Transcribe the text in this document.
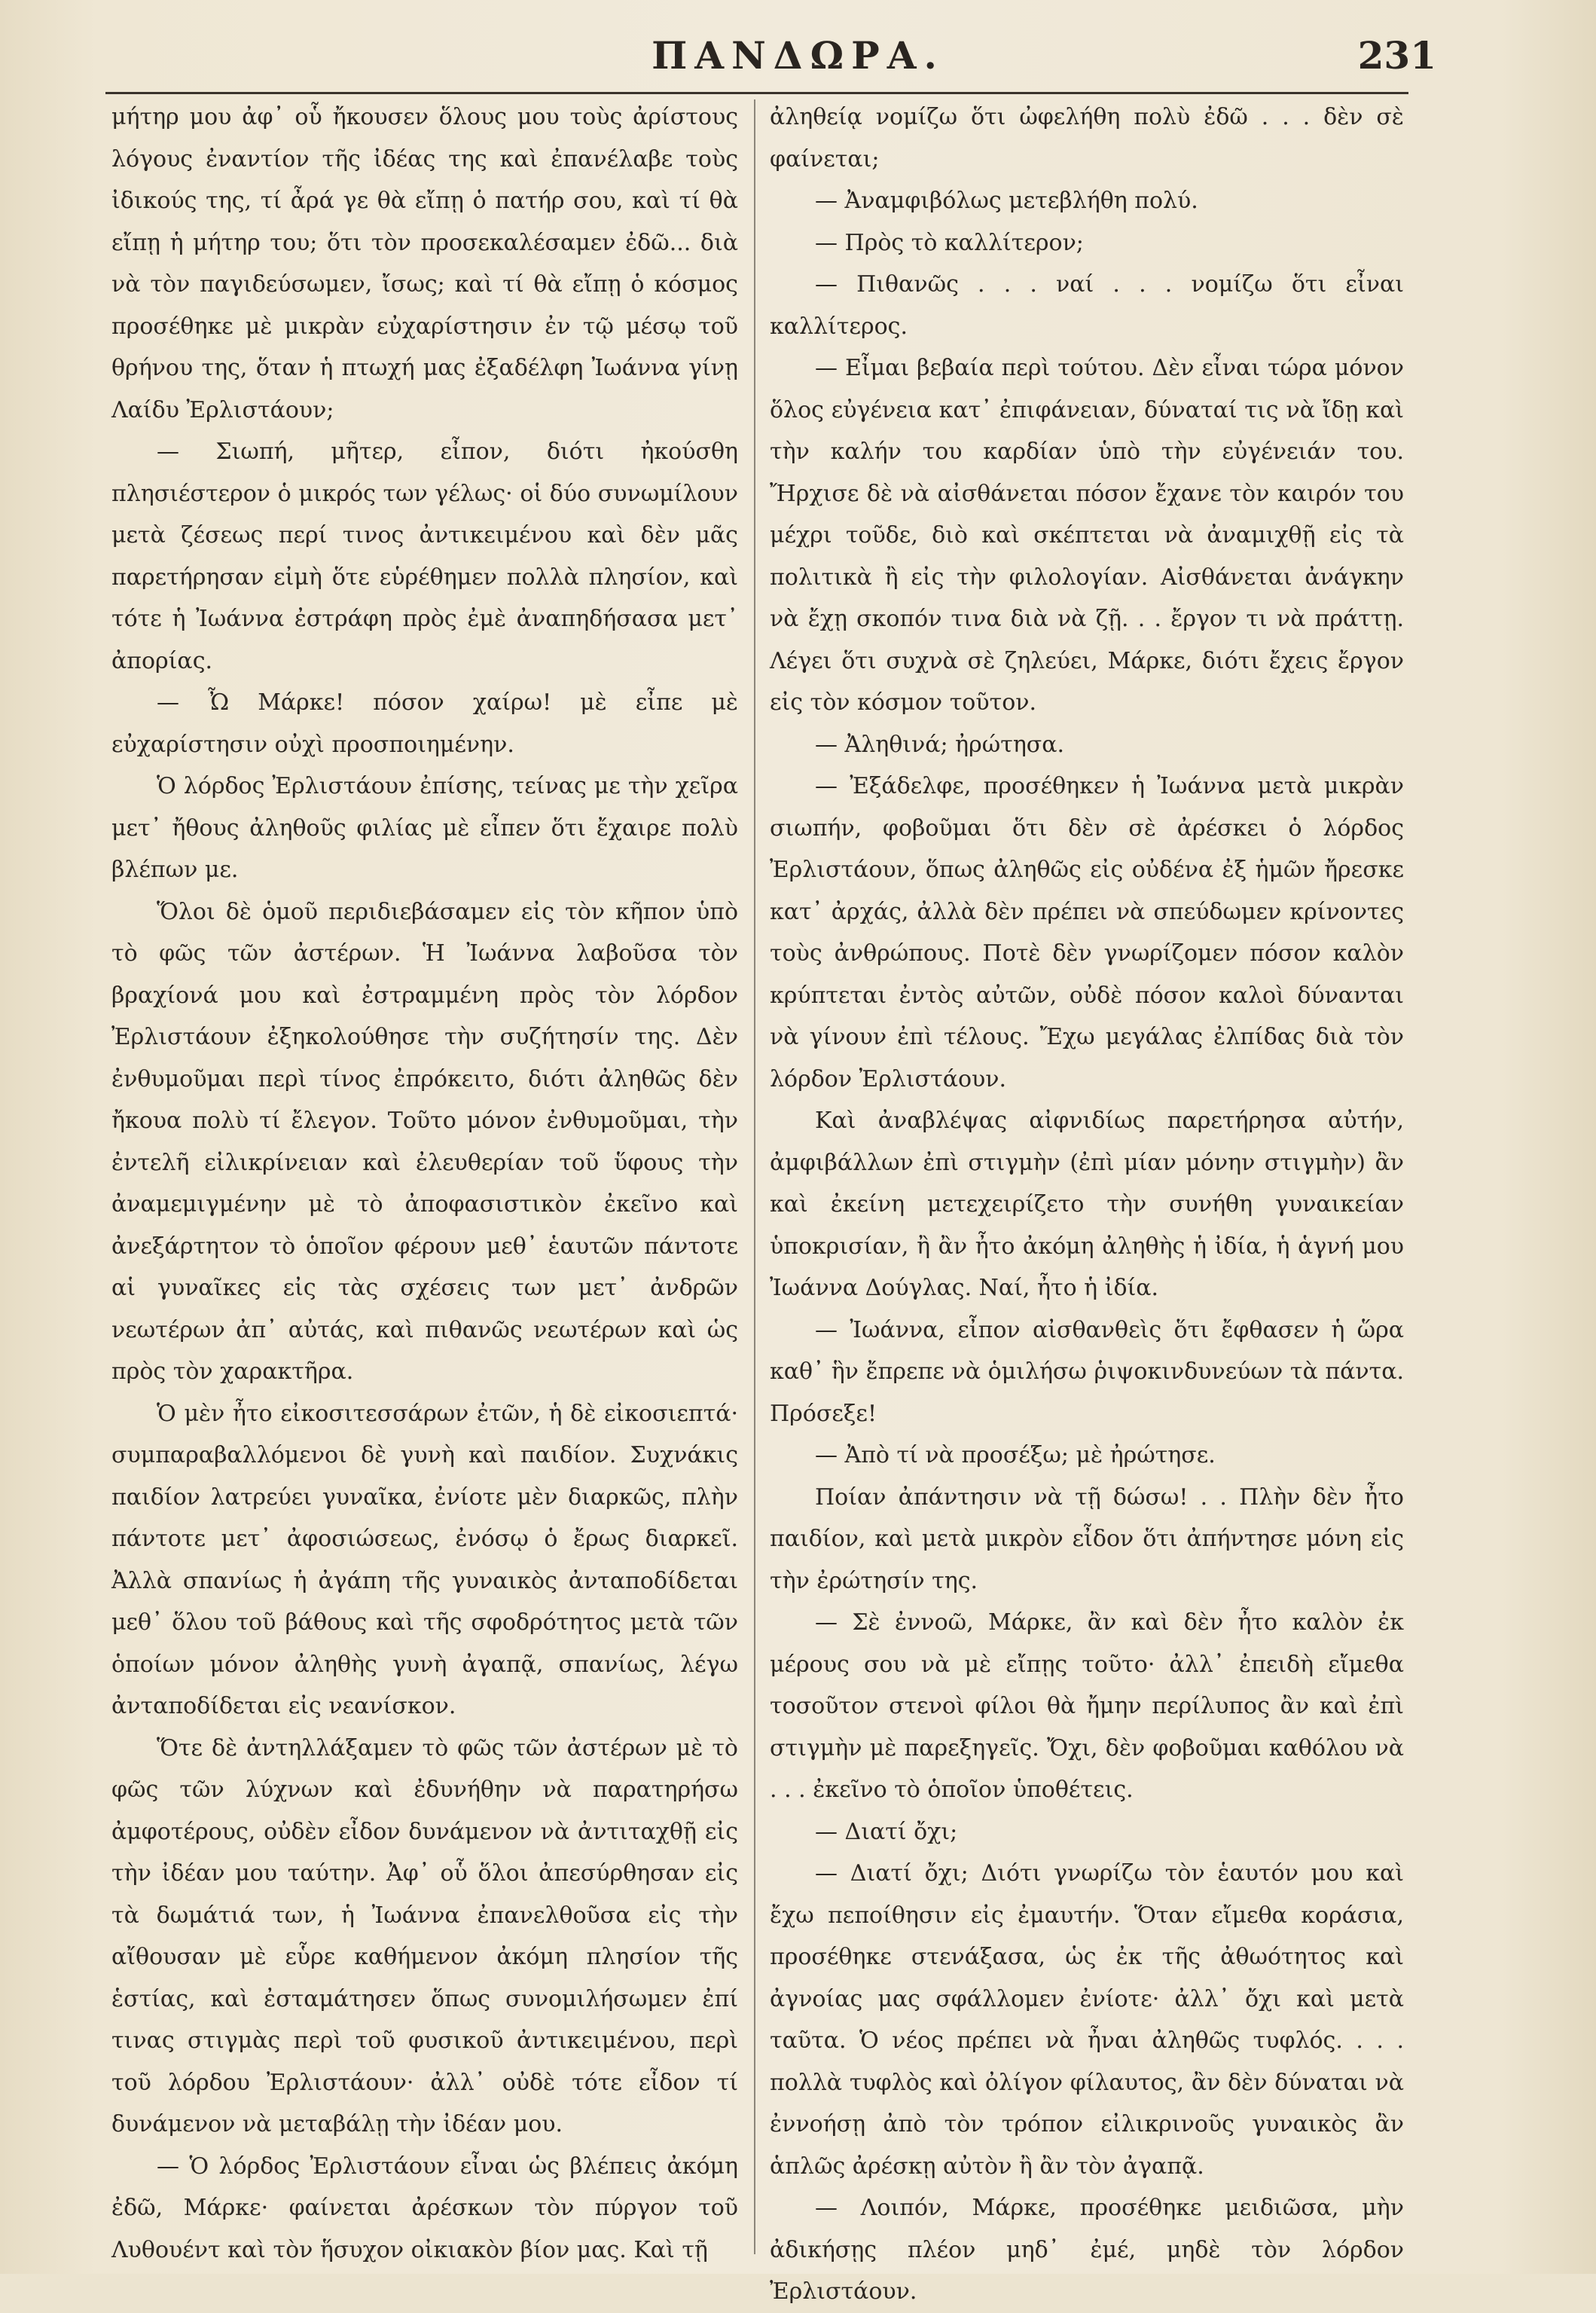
ΠΑΝΔΩΡΑ.	231

μήτηρ μου ἀφ᾽ οὗ ἤκουσεν ὅλους μου τοὺς ἀρίστους λόγους ἐναντίον τῆς ἰδέας της καὶ ἐπανέλαβε τοὺς ἰδικούς της, τί ἆρά γε θὰ εἴπῃ ὁ πατήρ σου, καὶ τί θὰ εἴπῃ ἡ μήτηρ του; ὅτι τὸν προσεκαλέσαμεν ἐδῶ... διὰ νὰ τὸν παγιδεύσωμεν, ἴσως; καὶ τί θὰ εἴπῃ ὁ κόσμος προσέθηκε μὲ μικρὰν εὐχαρίστησιν ἐν τῷ μέσῳ τοῦ θρήνου της, ὅταν ἡ πτωχή μας ἐξαδέλφη Ἰωάννα γίνῃ Λαίδυ Ἐρλιστάουν;

— Σιωπή, μῆτερ, εἶπον, διότι ἠκούσθη πλησιέστερον ὁ μικρός των γέλως· οἱ δύο συνωμίλουν μετὰ ζέσεως περί τινος ἀντικειμένου καὶ δὲν μᾶς παρετήρησαν εἰμὴ ὅτε εὑρέθημεν πολλὰ πλησίον, καὶ τότε ἡ Ἰωάννα ἐστράφη πρὸς ἐμὲ ἀναπηδήσασα μετ᾽ ἀπορίας.

— Ὦ Μάρκε! πόσον χαίρω! μὲ εἶπε μὲ εὐχαρίστησιν οὐχὶ προσποιημένην.

Ὁ λόρδος Ἐρλιστάουν ἐπίσης, τείνας με τὴν χεῖρα μετ᾽ ἤθους ἀληθοῦς φιλίας μὲ εἶπεν ὅτι ἔχαιρε πολὺ βλέπων με.

Ὅλοι δὲ ὁμοῦ περιδιεβάσαμεν εἰς τὸν κῆπον ὑπὸ τὸ φῶς τῶν ἀστέρων. Ἡ Ἰωάννα λαβοῦσα τὸν βραχίονά μου καὶ ἐστραμμένη πρὸς τὸν λόρδον Ἐρλιστάουν ἐξηκολούθησε τὴν συζήτησίν της. Δὲν ἐνθυμοῦμαι περὶ τίνος ἐπρόκειτο, διότι ἀληθῶς δὲν ἤκουα πολὺ τί ἔλεγον. Τοῦτο μόνον ἐνθυμοῦμαι, τὴν ἐντελῆ εἰλικρίνειαν καὶ ἐλευθερίαν τοῦ ὕφους τὴν ἀναμεμιγμένην μὲ τὸ ἀποφασιστικὸν ἐκεῖνο καὶ ἀνεξάρτητον τὸ ὁποῖον φέρουν μεθ᾽ ἑαυτῶν πάντοτε αἱ γυναῖκες εἰς τὰς σχέσεις των μετ᾽ ἀνδρῶν νεωτέρων ἀπ᾽ αὐτάς, καὶ πιθανῶς νεωτέρων καὶ ὡς πρὸς τὸν χαρακτῆρα.

Ὁ μὲν ἦτο εἰκοσιτεσσάρων ἐτῶν, ἡ δὲ εἰκοσιεπτά· συμπαραβαλλόμενοι δὲ γυνὴ καὶ παιδίον. Συχνάκις παιδίον λατρεύει γυναῖκα, ἐνίοτε μὲν διαρκῶς, πλὴν πάντοτε μετ᾽ ἀφοσιώσεως, ἐνόσῳ ὁ ἔρως διαρκεῖ. Ἀλλὰ σπανίως ἡ ἀγάπη τῆς γυναικὸς ἀνταποδίδεται μεθ᾽ ὅλου τοῦ βάθους καὶ τῆς σφοδρότητος μετὰ τῶν ὁποίων μόνον ἀληθὴς γυνὴ ἀγαπᾷ, σπανίως, λέγω ἀνταποδίδεται εἰς νεανίσκον.

Ὅτε δὲ ἀντηλλάξαμεν τὸ φῶς τῶν ἀστέρων μὲ τὸ φῶς τῶν λύχνων καὶ ἐδυνήθην νὰ παρατηρήσω ἀμφοτέρους, οὐδὲν εἶδον δυνάμενον νὰ ἀντιταχθῇ εἰς τὴν ἰδέαν μου ταύτην. Ἀφ᾽ οὗ ὅλοι ἀπεσύρθησαν εἰς τὰ δωμάτιά των, ἡ Ἰωάννα ἐπανελθοῦσα εἰς τὴν αἴθουσαν μὲ εὗρε καθήμενον ἀκόμη πλησίον τῆς ἑστίας, καὶ ἐσταμάτησεν ὅπως συνομιλήσωμεν ἐπί τινας στιγμὰς περὶ τοῦ φυσικοῦ ἀντικειμένου, περὶ τοῦ λόρδου Ἐρλιστάουν· ἀλλ᾽ οὐδὲ τότε εἶδον τί δυνάμενον νὰ μεταβάλῃ τὴν ἰδέαν μου.

— Ὁ λόρδος Ἐρλιστάουν εἶναι ὡς βλέπεις ἀκόμη ἐδῶ, Μάρκε· φαίνεται ἀρέσκων τὸν πύργον τοῦ Λυθουέντ καὶ τὸν ἥσυχον οἰκιακὸν βίον μας. Καὶ τῇ

ἀληθείᾳ νομίζω ὅτι ὠφελήθη πολὺ ἐδῶ . . . δὲν σὲ φαίνεται;

— Ἀναμφιβόλως μετεβλήθη πολύ.

— Πρὸς τὸ καλλίτερον;

— Πιθανῶς . . . ναί . . . νομίζω ὅτι εἶναι καλλίτερος.

— Εἶμαι βεβαία περὶ τούτου. Δὲν εἶναι τώρα μόνον ὅλος εὐγένεια κατ᾽ ἐπιφάνειαν, δύναταί τις νὰ ἴδῃ καὶ τὴν καλήν του καρδίαν ὑπὸ τὴν εὐγένειάν του. Ἤρχισε δὲ νὰ αἰσθάνεται πόσον ἔχανε τὸν καιρόν του μέχρι τοῦδε, διὸ καὶ σκέπτεται νὰ ἀναμιχθῇ εἰς τὰ πολιτικὰ ἢ εἰς τὴν φιλολογίαν. Αἰσθάνεται ἀνάγκην νὰ ἔχῃ σκοπόν τινα διὰ νὰ ζῇ. . . ἔργον τι νὰ πράττῃ. Λέγει ὅτι συχνὰ σὲ ζηλεύει, Μάρκε, διότι ἔχεις ἔργον εἰς τὸν κόσμον τοῦτον.

— Ἀληθινά; ἠρώτησα.

— Ἐξάδελφε, προσέθηκεν ἡ Ἰωάννα μετὰ μικρὰν σιωπήν, φοβοῦμαι ὅτι δὲν σὲ ἀρέσκει ὁ λόρδος Ἐρλιστάουν, ὅπως ἀληθῶς εἰς οὐδένα ἐξ ἡμῶν ἤρεσκε κατ᾽ ἀρχάς, ἀλλὰ δὲν πρέπει νὰ σπεύδωμεν κρίνοντες τοὺς ἀνθρώπους. Ποτὲ δὲν γνωρίζομεν πόσον καλὸν κρύπτεται ἐντὸς αὐτῶν, οὐδὲ πόσον καλοὶ δύνανται νὰ γίνουν ἐπὶ τέλους. Ἔχω μεγάλας ἐλπίδας διὰ τὸν λόρδον Ἐρλιστάουν.

Καὶ ἀναβλέψας αἰφνιδίως παρετήρησα αὐτήν, ἀμφιβάλλων ἐπὶ στιγμὴν (ἐπὶ μίαν μόνην στιγμὴν) ἂν καὶ ἐκείνη μετεχειρίζετο τὴν συνήθη γυναικείαν ὑποκρισίαν, ἢ ἂν ἦτο ἀκόμη ἀληθὴς ἡ ἰδία, ἡ ἁγνή μου Ἰωάννα Δούγλας. Ναί, ἦτο ἡ ἰδία.

— Ἰωάννα, εἶπον αἰσθανθεὶς ὅτι ἔφθασεν ἡ ὥρα καθ᾽ ἣν ἔπρεπε νὰ ὁμιλήσω ῥιψοκινδυνεύων τὰ πάντα. Πρόσεξε!

— Ἀπὸ τί νὰ προσέξω; μὲ ἠρώτησε.

Ποίαν ἀπάντησιν νὰ τῇ δώσω! . . Πλὴν δὲν ἦτο παιδίον, καὶ μετὰ μικρὸν εἶδον ὅτι ἀπήντησε μόνη εἰς τὴν ἐρώτησίν της.

— Σὲ ἐννοῶ, Μάρκε, ἂν καὶ δὲν ἦτο καλὸν ἐκ μέρους σου νὰ μὲ εἴπῃς τοῦτο· ἀλλ᾽ ἐπειδὴ εἴμεθα τοσοῦτον στενοὶ φίλοι θὰ ἤμην περίλυπος ἂν καὶ ἐπὶ στιγμὴν μὲ παρεξηγεῖς. Ὄχι, δὲν φοβοῦμαι καθόλου νὰ . . . ἐκεῖνο τὸ ὁποῖον ὑποθέτεις.

— Διατί ὄχι;

— Διατί ὄχι; Διότι γνωρίζω τὸν ἑαυτόν μου καὶ ἔχω πεποίθησιν εἰς ἐμαυτήν. Ὅταν εἴμεθα κοράσια, προσέθηκε στενάξασα, ὡς ἐκ τῆς ἀθωότητος καὶ ἀγνοίας μας σφάλλομεν ἐνίοτε· ἀλλ᾽ ὄχι καὶ μετὰ ταῦτα. Ὁ νέος πρέπει νὰ ἦναι ἀληθῶς τυφλός. . . . πολλὰ τυφλὸς καὶ ὀλίγον φίλαυτος, ἂν δὲν δύναται νὰ ἐννοήσῃ ἀπὸ τὸν τρόπον εἰλικρινοῦς γυναικὸς ἂν ἁπλῶς ἀρέσκῃ αὐτὸν ἢ ἂν τὸν ἀγαπᾷ.

— Λοιπόν, Μάρκε, προσέθηκε μειδιῶσα, μὴν ἀδικήσῃς πλέον μηδ᾽ ἐμέ, μηδὲ τὸν λόρδον Ἐρλιστάουν.
